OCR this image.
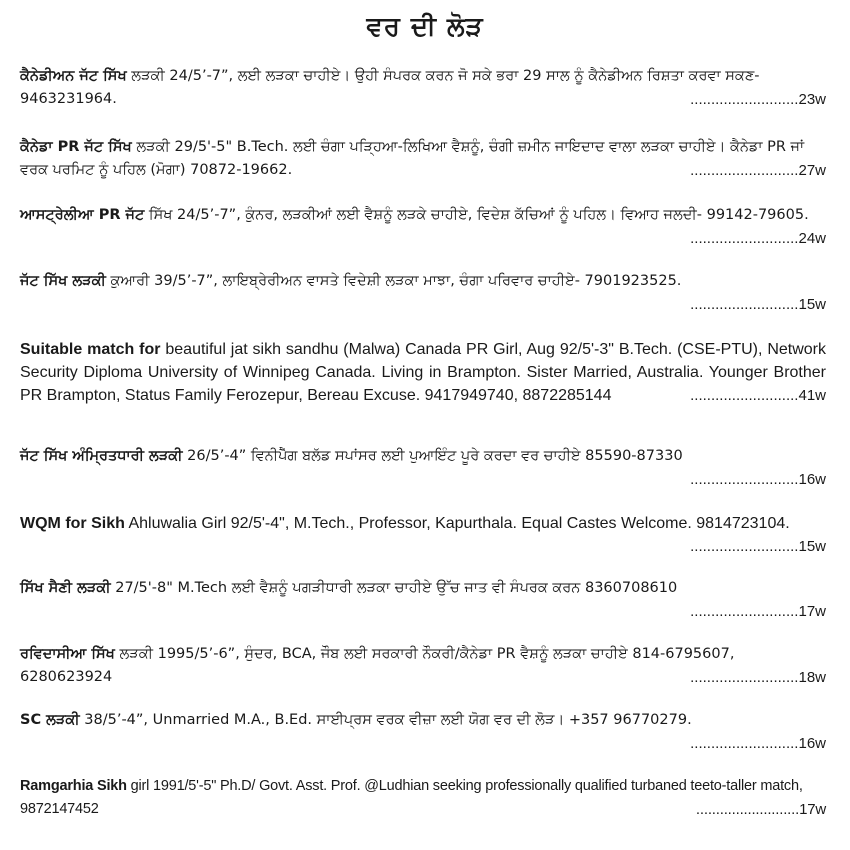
ਵਰ ਦੀ ਲੋੜ
ਕੈਨੇਡੀਅਨ ਜੱਟ ਸਿੱਖ ਲੜਕੀ 24/5’-7”, ਲਈ ਲੜਕਾ ਚਾਹੀਏ। ਉਹੀ ਸੰਪਰਕ ਕਰਨ ਜੋ ਸਕੇ ਭਰਾ 29 ਸਾਲ ਨੂੰ ਕੈਨੇਡੀਅਨ ਰਿਸ਼ਤਾ ਕਰਵਾ ਸਕਣ- 9463231964.	..........................23w
ਕੈਨੇਡਾ PR ਜੱਟ ਸਿੱਖ ਲੜਕੀ 29/5'-5" B.Tech. ਲਈ ਚੰਗਾ ਪੜ੍ਹਿਆ-ਲਿਖਿਆ ਵੈਸ਼ਨੂੰ, ਚੰਗੀ ਜ਼ਮੀਨ ਜਾਇਦਾਦ ਵਾਲਾ ਲੜਕਾ ਚਾਹੀਏ। ਕੈਨੇਡਾ PR ਜਾਂ ਵਰਕ ਪਰਮਿਟ ਨੂੰ ਪਹਿਲ (ਮੋਗਾ) 70872-19662.	..........................27w
ਆਸਟ੍ਰੇਲੀਆ PR ਜੱਟ ਸਿੱਖ 24/5’-7”, ਕੁੰਨਰ, ਲੜਕੀਆਂ ਲਈ ਵੈਸ਼ਨੂੰ ਲੜਕੇ ਚਾਹੀਏ, ਵਿਦੇਸ਼ ਕੱਚਿਆਂ ਨੂੰ ਪਹਿਲ। ਵਿਆਹ ਜਲਦੀ- 99142-79605.
..........................24w
ਜੱਟ ਸਿੱਖ ਲੜਕੀ ਕੁਆਰੀ 39/5’-7”, ਲਾਇਬ੍ਰੇਰੀਅਨ ਵਾਸਤੇ ਵਿਦੇਸ਼ੀ ਲੜਕਾ ਮਾਝਾ, ਚੰਗਾ ਪਰਿਵਾਰ ਚਾਹੀਏ- 7901923525.
..........................15w
Suitable match for beautiful jat sikh sandhu (Malwa) Canada PR Girl, Aug 92/5'-3" B.Tech. (CSE-PTU), Network Security Diploma University of Winnipeg Canada. Living in Brampton. Sister Married, Australia. Younger Brother PR Brampton, Status Family Ferozepur, Bereau Excuse. 9417949740, 8872285144	..........................41w
ਜੱਟ ਸਿੱਖ ਅੰਮ੍ਰਿਤਧਾਰੀ ਲੜਕੀ 26/5’-4” ਵਿਨੀਪੈੱਗ ਬਲੱਡ ਸਪਾਂਸਰ ਲਈ ਪੁਆਇੰਟ ਪੂਰੇ ਕਰਦਾ ਵਰ ਚਾਹੀਏ 85590-87330
..........................16w
WQM for Sikh Ahluwalia Girl 92/5'-4", M.Tech., Professor, Kapurthala. Equal Castes Welcome. 9814723104.
..........................15w
ਸਿੱਖ ਸੈਣੀ ਲੜਕੀ 27/5'-8" M.Tech ਲਈ ਵੈਸ਼ਨੂੰ ਪਗੜੀਧਾਰੀ ਲੜਕਾ ਚਾਹੀਏ ਉੱਚ ਜਾਤ ਵੀ ਸੰਪਰਕ ਕਰਨ 8360708610
..........................17w
ਰਵਿਦਾਸੀਆ ਸਿੱਖ ਲੜਕੀ 1995/5’-6”, ਸੁੰਦਰ, BCA, ਜੌਬ ਲਈ ਸਰਕਾਰੀ ਨੌਕਰੀ/ਕੈਨੇਡਾ PR ਵੈਸ਼ਨੂੰ ਲੜਕਾ ਚਾਹੀਏ 814-6795607, 6280623924	..........................18w
SC ਲੜਕੀ 38/5’-4”, Unmarried M.A., B.Ed. ਸਾਈਪ੍ਰਸ ਵਰਕ ਵੀਜ਼ਾ ਲਈ ਯੋਗ ਵਰ ਦੀ ਲੋੜ। +357 96770279.
..........................16w
Ramgarhia Sikh girl 1991/5'-5" Ph.D/ Govt. Asst. Prof. @Ludhian seeking professionally qualified turbaned teeto-taller match, 9872147452	..........................17w
